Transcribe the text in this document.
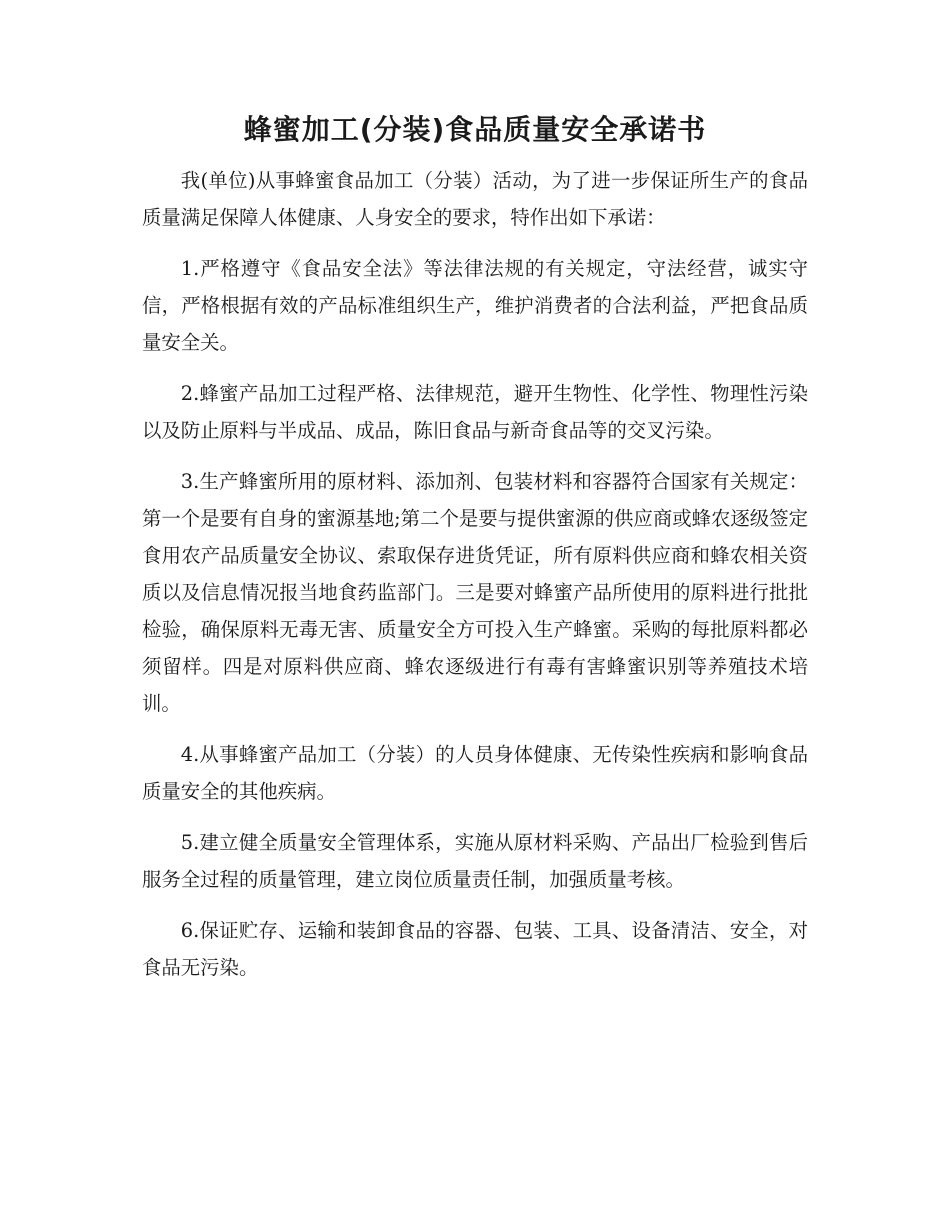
蜂蜜加工(分装)食品质量安全承诺书

我(单位)从事蜂蜜食品加工（分装）活动，为了进一步保证所生产的食品质量满足保障人体健康、人身安全的要求，特作出如下承诺：

1.严格遵守《食品安全法》等法律法规的有关规定，守法经营，诚实守信，严格根据有效的产品标准组织生产，维护消费者的合法利益，严把食品质量安全关。

2.蜂蜜产品加工过程严格、法律规范，避开生物性、化学性、物理性污染以及防止原料与半成品、成品，陈旧食品与新奇食品等的交叉污染。

3.生产蜂蜜所用的原材料、添加剂、包装材料和容器符合国家有关规定：第一个是要有自身的蜜源基地;第二个是要与提供蜜源的供应商或蜂农逐级签定食用农产品质量安全协议、索取保存进货凭证，所有原料供应商和蜂农相关资质以及信息情况报当地食药监部门。三是要对蜂蜜产品所使用的原料进行批批检验，确保原料无毒无害、质量安全方可投入生产蜂蜜。采购的每批原料都必须留样。四是对原料供应商、蜂农逐级进行有毒有害蜂蜜识别等养殖技术培训。

4.从事蜂蜜产品加工（分装）的人员身体健康、无传染性疾病和影响食品质量安全的其他疾病。

5.建立健全质量安全管理体系，实施从原材料采购、产品出厂检验到售后服务全过程的质量管理，建立岗位质量责任制，加强质量考核。

6.保证贮存、运输和装卸食品的容器、包装、工具、设备清洁、安全，对食品无污染。
